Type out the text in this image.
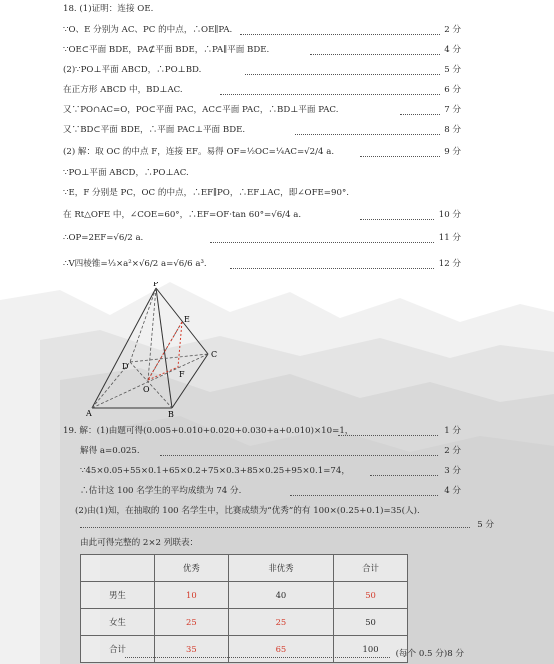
18. (1)证明：连接 OE.
∵O、E 分别为 AC、PC 的中点，∴OE∥PA.	2 分
∵OE⊂平面 BDE，PA⊄平面 BDE，∴PA∥平面 BDE.	4 分
(2)∵PO⊥平面 ABCD，∴PO⊥BD.	5 分
在正方形 ABCD 中，BD⊥AC.	6 分
又∵PO∩AC=O，PO⊂平面 PAC，AC⊂平面 PAC，∴BD⊥平面 PAC.	7 分
又∵BD⊂平面 BDE，∴平面 PAC⊥平面 BDE.	8 分
(2) 解：取 OC 的中点 F，连接 EF。易得 OF=½OC=¼AC=√2/4 a.	9 分
∵PO⊥平面 ABCD，∴PO⊥AC.
∵E，F 分别是 PC，OC 的中点，∴EF∥PO，∴EF⊥AC，即∠OFE=90°.
在 Rt△OFE 中，∠COE=60°，∴EF=OF·tan 60°=√6/4 a.	10 分
∴OP=2EF=√6/2 a.	11 分
∴V四棱锥=⅓×a²×√6/2 a=√6/6 a³.	12 分
P
E
C
D
F
O
A	B
19. 解：(1)由题可得(0.005+0.010+0.020+0.030+a+0.010)×10=1，	1 分
解得 a=0.025.	2 分
∵45×0.05+55×0.1+65×0.2+75×0.3+85×0.25+95×0.1=74，	3 分
∴估计这 100 名学生的平均成绩为 74 分.	4 分
(2)由(1)知，在抽取的 100 名学生中，比赛成绩为“优秀”的有 100×(0.25+0.1)=35(人).
5 分
由此可得完整的 2×2 列联表：
	优秀	非优秀	合计
男生	10	40	50
女生	25	25	50
合计	35	65	100 (每个 0.5 分)8 分
